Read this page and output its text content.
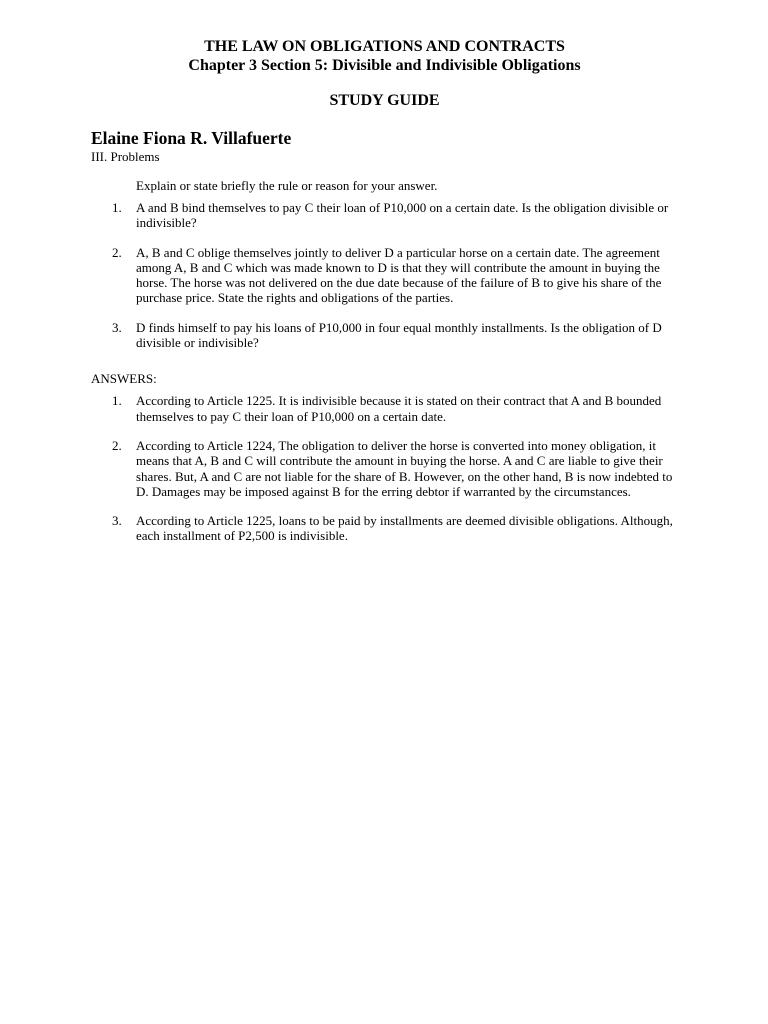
THE LAW ON OBLIGATIONS AND CONTRACTS
Chapter 3 Section 5: Divisible and Indivisible Obligations
STUDY GUIDE
Elaine Fiona R. Villafuerte
III. Problems
Explain or state briefly the rule or reason for your answer.
1. A and B bind themselves to pay C their loan of P10,000 on a certain date. Is the obligation divisible or indivisible?
2. A, B and C oblige themselves jointly to deliver D a particular horse on a certain date. The agreement among A, B and C which was made known to D is that they will contribute the amount in buying the horse. The horse was not delivered on the due date because of the failure of B to give his share of the purchase price. State the rights and obligations of the parties.
3. D finds himself to pay his loans of P10,000 in four equal monthly installments. Is the obligation of D divisible or indivisible?
ANSWERS:
1. According to Article 1225. It is indivisible because it is stated on their contract that A and B bounded themselves to pay C their loan of P10,000 on a certain date.
2. According to Article 1224, The obligation to deliver the horse is converted into money obligation, it means that A, B and C will contribute the amount in buying the horse. A and C are liable to give their shares. But, A and C are not liable for the share of B. However, on the other hand, B is now indebted to D. Damages may be imposed against B for the erring debtor if warranted by the circumstances.
3. According to Article 1225, loans to be paid by installments are deemed divisible obligations. Although, each installment of P2,500 is indivisible.
